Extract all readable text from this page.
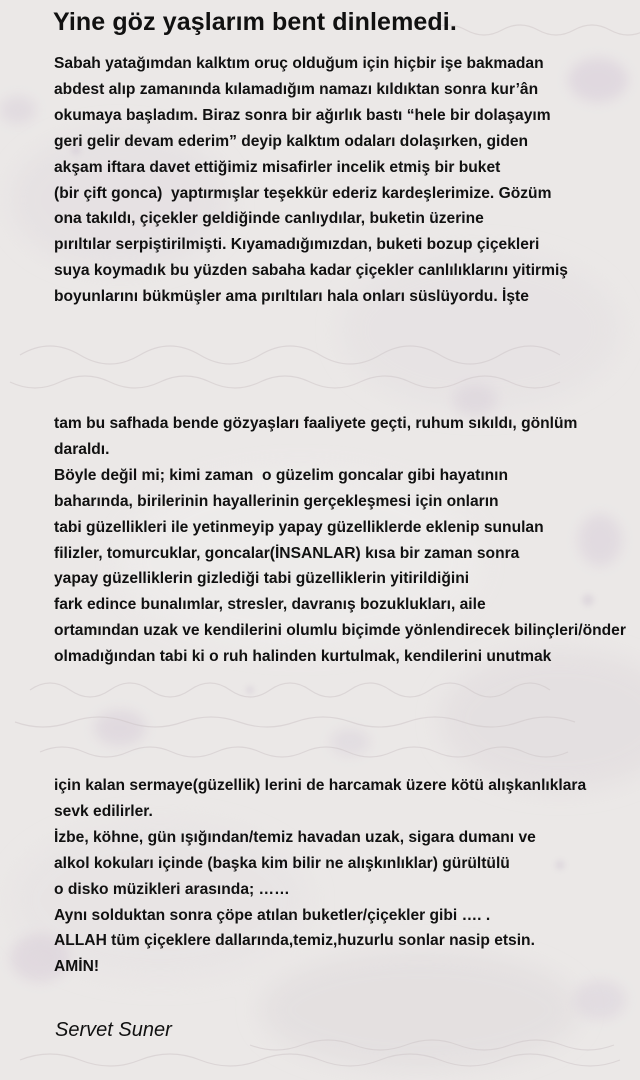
Yine göz yaşlarım bent dinlemedi.
Sabah yatağımdan kalktım oruç olduğum için hiçbir işe bakmadan
abdest alıp zamanında kılamadığım namazı kıldıktan sonra kur’ân
okumaya başladım. Biraz sonra bir ağırlık bastı “hele bir dolaşayım
geri gelir devam ederim” deyip kalktım odaları dolaşırken, giden
akşam iftara davet ettiğimiz misafirler incelik etmiş bir buket
(bir çift gonca)  yaptırmışlar teşekkür ederiz kardeşlerimize. Gözüm
ona takıldı, çiçekler geldiğinde canlıydılar, buketin üzerine
pırıltılar serpiştirilmişti. Kıyamadığımızdan, buketi bozup çiçekleri
suya koymadık bu yüzden sabaha kadar çiçekler canlılıklarını yitirmiş
boyunlarını bükmüşler ama pırıltıları hala onları süslüyordu. İşte
tam bu safhada bende gözyaşları faaliyete geçti, ruhum sıkıldı, gönlüm
daraldı.
Böyle değil mi; kimi zaman  o güzelim goncalar gibi hayatının
baharında, birilerinin hayallerinin gerçekleşmesi için onların
tabi güzellikleri ile yetinmeyip yapay güzelliklerde eklenip sunulan
filizler, tomurcuklar, goncalar(İNSANLAR) kısa bir zaman sonra
yapay güzelliklerin gizlediği tabi güzelliklerin yitirildiğini
fark edince bunalımlar, stresler, davranış bozuklukları, aile
ortamından uzak ve kendilerini olumlu biçimde yönlendirecek bilinçleri/önder
olmadığından tabi ki o ruh halinden kurtulmak, kendilerini unutmak
için kalan sermaye(güzellik) lerini de harcamak üzere kötü alışkanlıklara
sevk edilirler.
İzbe, köhne, gün ışığından/temiz havadan uzak, sigara dumanı ve
alkol kokuları içinde (başka kim bilir ne alışkınlıklar) gürültülü
o disko müzikleri arasında; ……
Aynı solduktan sonra çöpe atılan buketler/çiçekler gibi …. .
ALLAH tüm çiçeklere dallarında,temiz,huzurlu sonlar nasip etsin.
AMİN!

Servet Suner
